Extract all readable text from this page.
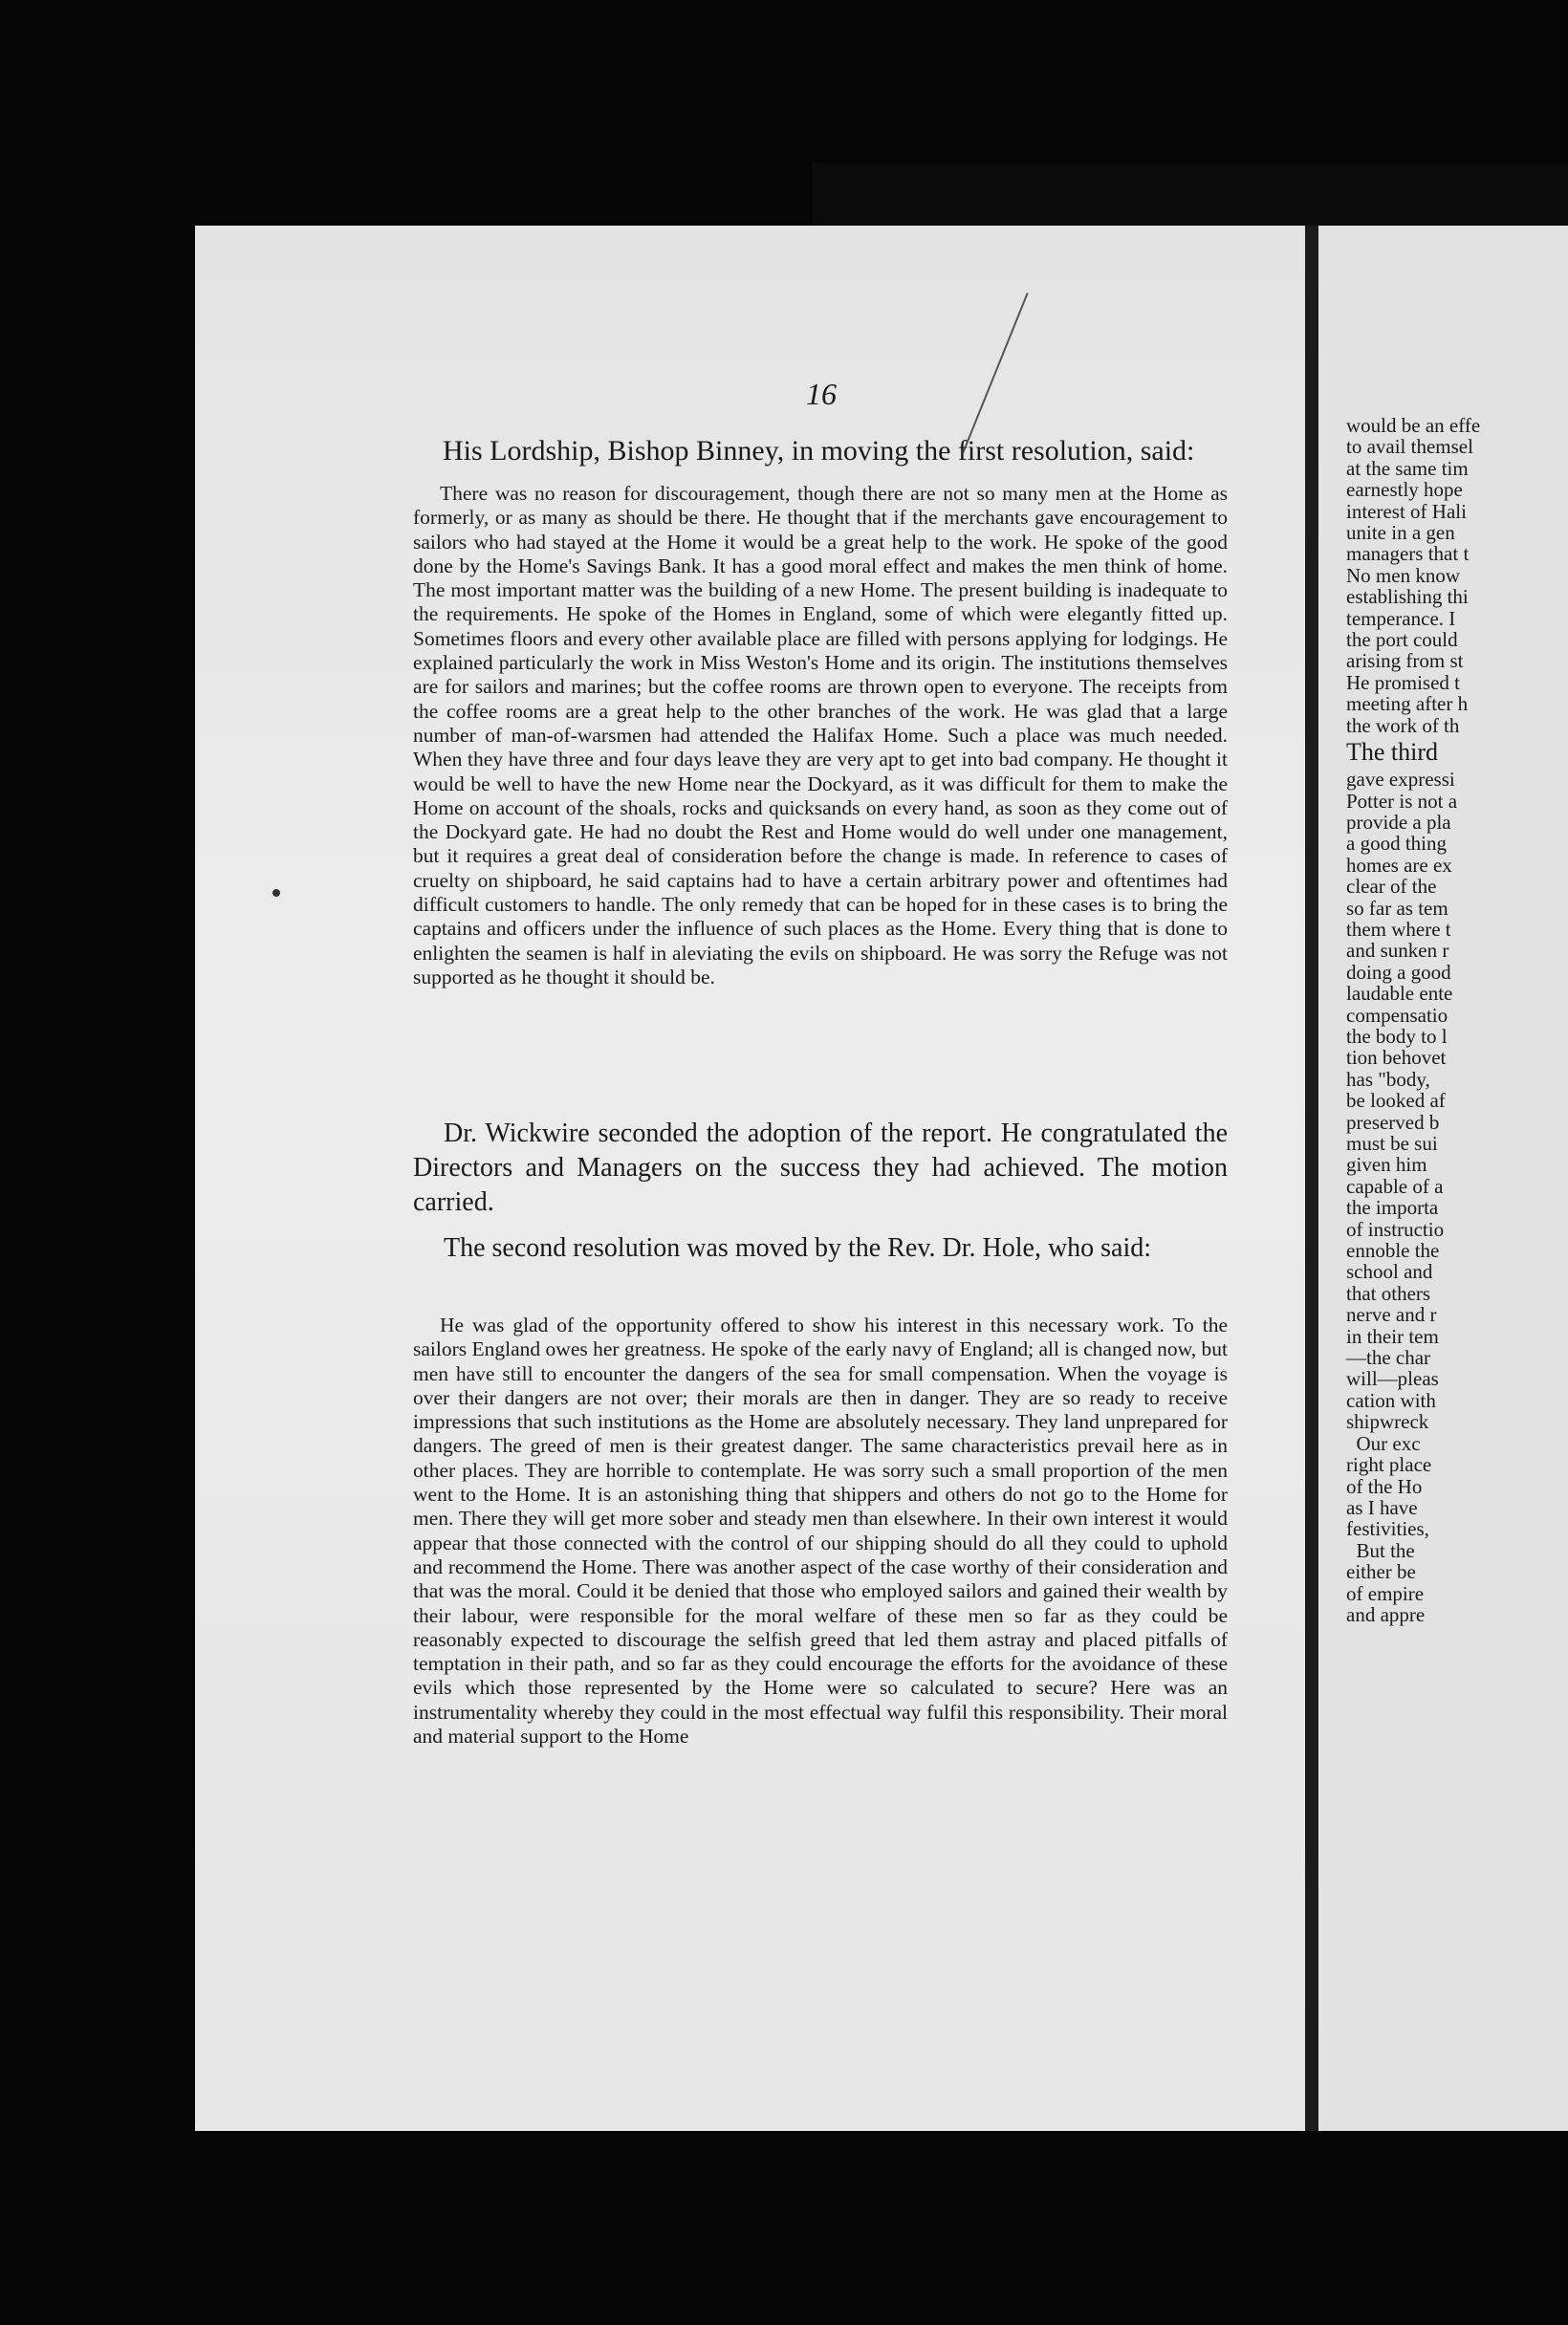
would be an effe
to avail themsel
at the same tim
earnestly hope
interest of Hali
unite in a gen
managers that t
No men know
establishing thi
temperance. I
the port could
arising from st
He promised t
meeting after h
the work of th
The third
gave expressi
Potter is not a
provide a pla
a good thing
homes are ex
clear of the
so far as tem
them where t
and sunken r
doing a good
laudable ente
compensatio
the body to l
tion behovet
has "body,
be looked af
preserved b
must be sui
given him
capable of a
the importa
of instructio
ennoble the
school and
that others
nerve and r
in their tem
—the char
will—pleas
cation with
shipwreck
Our exc
right place
of the Ho
as I have
festivities,
But the
either be
of empire
and appre
16
His Lordship, Bishop Binney, in moving the first resolution, said:
There was no reason for discouragement, though there are not so many men at the Home as formerly, or as many as should be there. He thought that if the merchants gave encouragement to sailors who had stayed at the Home it would be a great help to the work. He spoke of the good done by the Home's Savings Bank. It has a good moral effect and makes the men think of home. The most important matter was the building of a new Home. The present building is inadequate to the requirements. He spoke of the Homes in England, some of which were elegantly fitted up. Sometimes floors and every other available place are filled with persons applying for lodgings. He explained particularly the work in Miss Weston's Home and its origin. The institutions themselves are for sailors and marines; but the coffee rooms are thrown open to everyone. The receipts from the coffee rooms are a great help to the other branches of the work. He was glad that a large number of man-of-warsmen had attended the Halifax Home. Such a place was much needed. When they have three and four days leave they are very apt to get into bad company. He thought it would be well to have the new Home near the Dockyard, as it was difficult for them to make the Home on account of the shoals, rocks and quicksands on every hand, as soon as they come out of the Dockyard gate. He had no doubt the Rest and Home would do well under one management, but it requires a great deal of consideration before the change is made. In reference to cases of cruelty on shipboard, he said captains had to have a certain arbitrary power and oftentimes had difficult customers to handle. The only remedy that can be hoped for in these cases is to bring the captains and officers under the influence of such places as the Home. Every thing that is done to enlighten the seamen is half in aleviating the evils on shipboard. He was sorry the Refuge was not supported as he thought it should be.
Dr. Wickwire seconded the adoption of the report. He congratulated the Directors and Managers on the success they had achieved. The motion carried.
The second resolution was moved by the Rev. Dr. Hole, who said:
He was glad of the opportunity offered to show his interest in this necessary work. To the sailors England owes her greatness. He spoke of the early navy of England; all is changed now, but men have still to encounter the dangers of the sea for small compensation. When the voyage is over their dangers are not over; their morals are then in danger. They are so ready to receive impressions that such institutions as the Home are absolutely necessary. They land unprepared for dangers. The greed of men is their greatest danger. The same characteristics prevail here as in other places. They are horrible to contemplate. He was sorry such a small proportion of the men went to the Home. It is an astonishing thing that shippers and others do not go to the Home for men. There they will get more sober and steady men than elsewhere. In their own interest it would appear that those connected with the control of our shipping should do all they could to uphold and recommend the Home. There was another aspect of the case worthy of their consideration and that was the moral. Could it be denied that those who employed sailors and gained their wealth by their labour, were responsible for the moral welfare of these men so far as they could be reasonably expected to discourage the selfish greed that led them astray and placed pitfalls of temptation in their path, and so far as they could encourage the efforts for the avoidance of these evils which those represented by the Home were so calculated to secure? Here was an instrumentality whereby they could in the most effectual way fulfil this responsibility. Their moral and material support to the Home
